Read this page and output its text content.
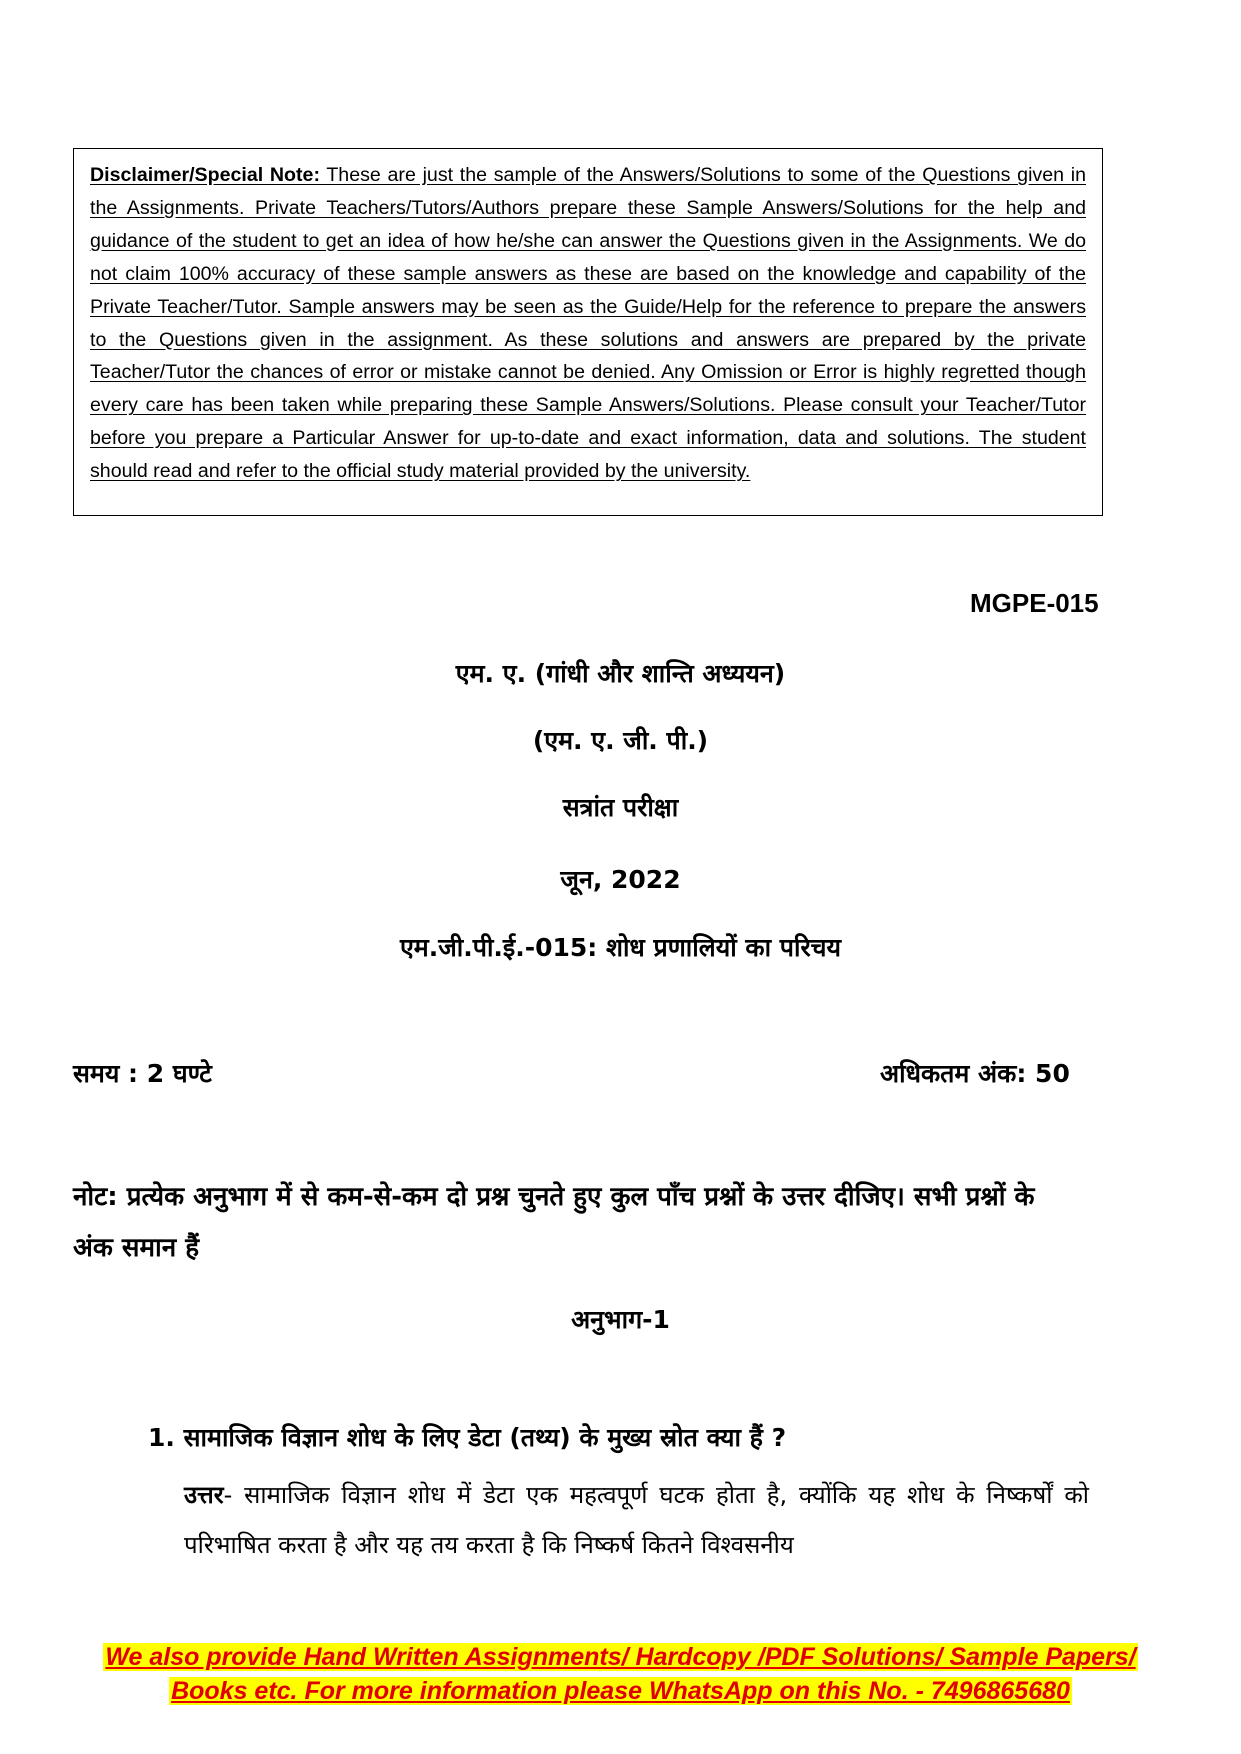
Disclaimer/Special Note: These are just the sample of the Answers/Solutions to some of the Questions given in the Assignments. Private Teachers/Tutors/Authors prepare these Sample Answers/Solutions for the help and guidance of the student to get an idea of how he/she can answer the Questions given in the Assignments. We do not claim 100% accuracy of these sample answers as these are based on the knowledge and capability of the Private Teacher/Tutor. Sample answers may be seen as the Guide/Help for the reference to prepare the answers to the Questions given in the assignment. As these solutions and answers are prepared by the private Teacher/Tutor the chances of error or mistake cannot be denied. Any Omission or Error is highly regretted though every care has been taken while preparing these Sample Answers/Solutions. Please consult your Teacher/Tutor before you prepare a Particular Answer for up-to-date and exact information, data and solutions. The student should read and refer to the official study material provided by the university.
MGPE-015
एम. ए. (गांधी और शान्ति अध्ययन)
(एम. ए. जी. पी.)
सत्रांत परीक्षा
जून, 2022
एम.जी.पी.ई.-015: शोध प्रणालियों का परिचय
समय : 2 घण्टे	अधिकतम अंक: 50
नोट: प्रत्येक अनुभाग में से कम-से-कम दो प्रश्न चुनते हुए कुल पाँच प्रश्नों के उत्तर दीजिए। सभी प्रश्नों के अंक समान हैं
अनुभाग-1
1. सामाजिक विज्ञान शोध के लिए डेटा (तथ्य) के मुख्य स्रोत क्या हैं ?
उत्तर- सामाजिक विज्ञान शोध में डेटा एक महत्वपूर्ण घटक होता है, क्योंकि यह शोध के निष्कर्षों को परिभाषित करता है और यह तय करता है कि निष्कर्ष कितने विश्वसनीय
We also provide Hand Written Assignments/ Hardcopy /PDF Solutions/ Sample Papers/
Books etc. For more information please WhatsApp on this No. - 7496865680
